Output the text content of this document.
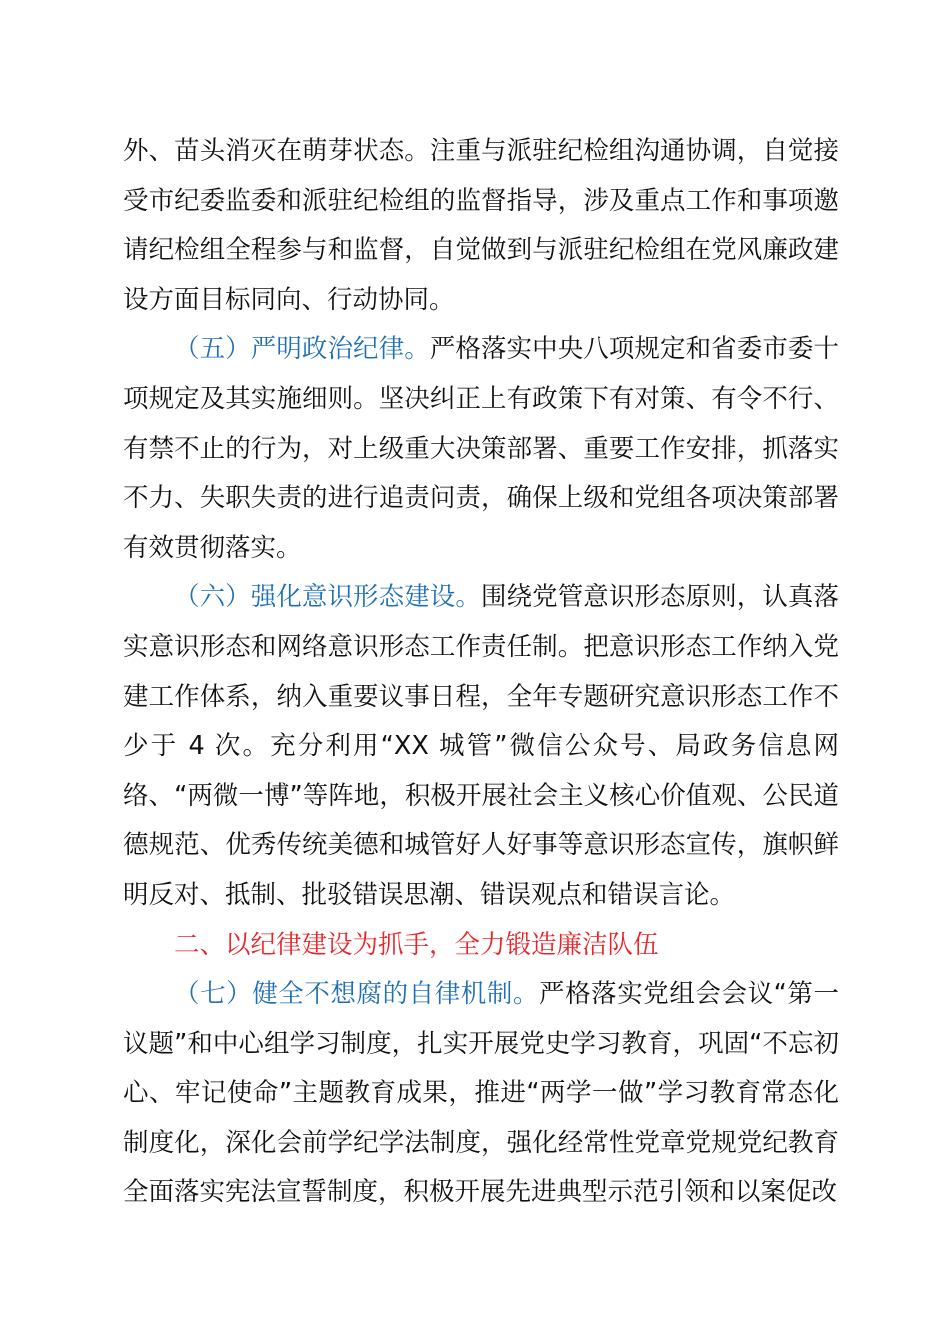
外、苗头消灭在萌芽状态。注重与派驻纪检组沟通协调，自觉接受市纪委监委和派驻纪检组的监督指导，涉及重点工作和事项邀请纪检组全程参与和监督，自觉做到与派驻纪检组在党风廉政建设方面目标同向、行动协同。

（五）严明政治纪律。严格落实中央八项规定和省委市委十项规定及其实施细则。坚决纠正上有政策下有对策、有令不行、有禁不止的行为，对上级重大决策部署、重要工作安排，抓落实不力、失职失责的进行追责问责，确保上级和党组各项决策部署有效贯彻落实。

（六）强化意识形态建设。围绕党管意识形态原则，认真落实意识形态和网络意识形态工作责任制。把意识形态工作纳入党建工作体系，纳入重要议事日程，全年专题研究意识形态工作不少于 4 次。充分利用“XX 城管”微信公众号、局政务信息网络、“两微一博”等阵地，积极开展社会主义核心价值观、公民道德规范、优秀传统美德和城管好人好事等意识形态宣传，旗帜鲜明反对、抵制、批驳错误思潮、错误观点和错误言论。

二、以纪律建设为抓手，全力锻造廉洁队伍

（七）健全不想腐的自律机制。严格落实党组会会议“第一议题”和中心组学习制度，扎实开展党史学习教育，巩固“不忘初心、牢记使命”主题教育成果，推进“两学一做”学习教育常态化制度化，深化会前学纪学法制度，强化经常性党章党规党纪教育全面落实宪法宣誓制度，积极开展先进典型示范引领和以案促改
